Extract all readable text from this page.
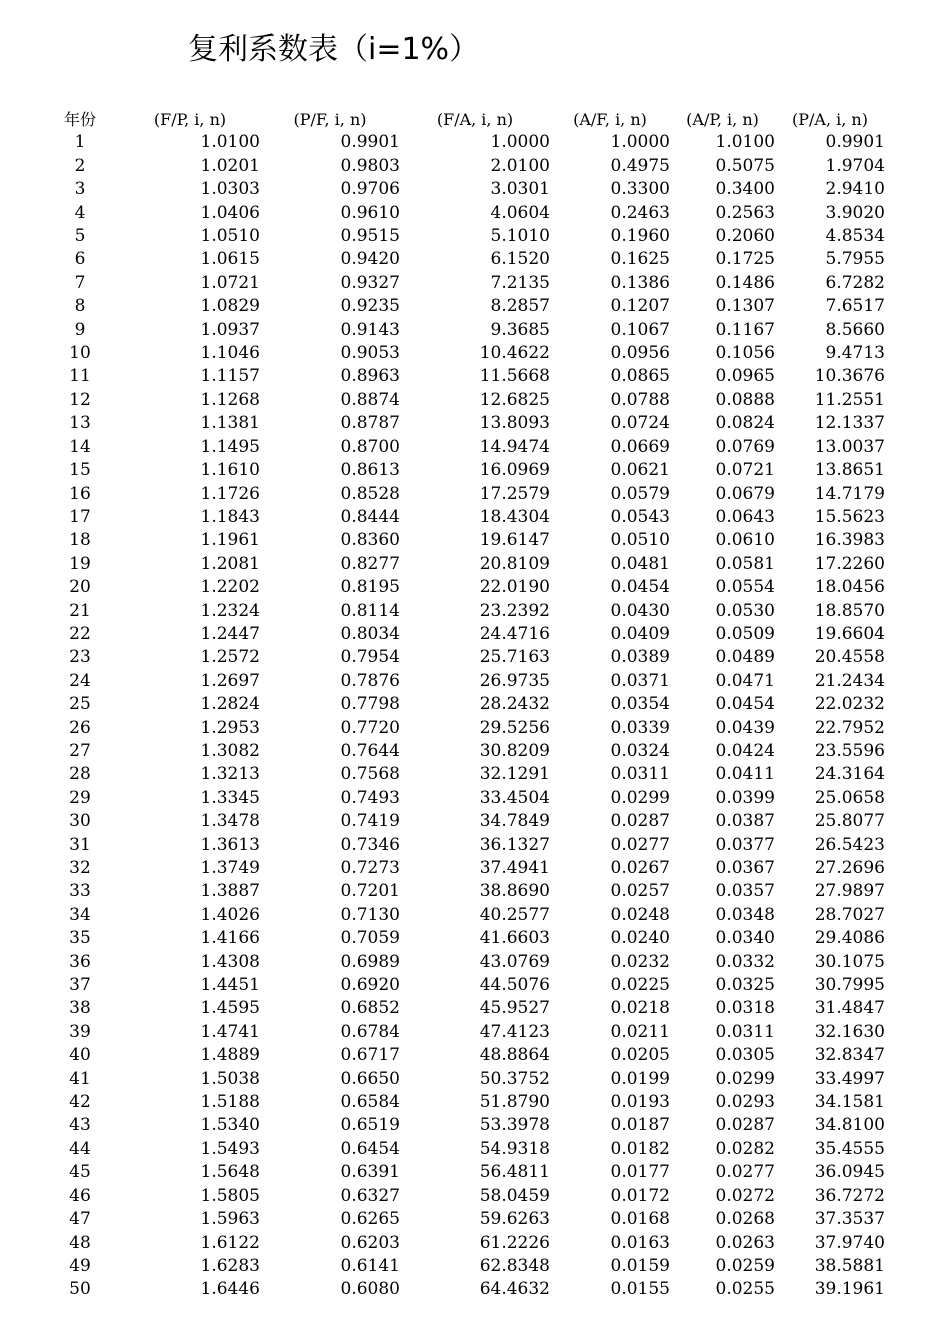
复利系数表（i=1%）
年份	(F/P, i, n)	(P/F, i, n)	(F/A, i, n)	(A/F, i, n)	(A/P, i, n)	(P/A, i, n)
1	1.0100	0.9901	1.0000	1.0000	1.0100	0.9901
2	1.0201	0.9803	2.0100	0.4975	0.5075	1.9704
3	1.0303	0.9706	3.0301	0.3300	0.3400	2.9410
4	1.0406	0.9610	4.0604	0.2463	0.2563	3.9020
5	1.0510	0.9515	5.1010	0.1960	0.2060	4.8534
6	1.0615	0.9420	6.1520	0.1625	0.1725	5.7955
7	1.0721	0.9327	7.2135	0.1386	0.1486	6.7282
8	1.0829	0.9235	8.2857	0.1207	0.1307	7.6517
9	1.0937	0.9143	9.3685	0.1067	0.1167	8.5660
10	1.1046	0.9053	10.4622	0.0956	0.1056	9.4713
11	1.1157	0.8963	11.5668	0.0865	0.0965	10.3676
12	1.1268	0.8874	12.6825	0.0788	0.0888	11.2551
13	1.1381	0.8787	13.8093	0.0724	0.0824	12.1337
14	1.1495	0.8700	14.9474	0.0669	0.0769	13.0037
15	1.1610	0.8613	16.0969	0.0621	0.0721	13.8651
16	1.1726	0.8528	17.2579	0.0579	0.0679	14.7179
17	1.1843	0.8444	18.4304	0.0543	0.0643	15.5623
18	1.1961	0.8360	19.6147	0.0510	0.0610	16.3983
19	1.2081	0.8277	20.8109	0.0481	0.0581	17.2260
20	1.2202	0.8195	22.0190	0.0454	0.0554	18.0456
21	1.2324	0.8114	23.2392	0.0430	0.0530	18.8570
22	1.2447	0.8034	24.4716	0.0409	0.0509	19.6604
23	1.2572	0.7954	25.7163	0.0389	0.0489	20.4558
24	1.2697	0.7876	26.9735	0.0371	0.0471	21.2434
25	1.2824	0.7798	28.2432	0.0354	0.0454	22.0232
26	1.2953	0.7720	29.5256	0.0339	0.0439	22.7952
27	1.3082	0.7644	30.8209	0.0324	0.0424	23.5596
28	1.3213	0.7568	32.1291	0.0311	0.0411	24.3164
29	1.3345	0.7493	33.4504	0.0299	0.0399	25.0658
30	1.3478	0.7419	34.7849	0.0287	0.0387	25.8077
31	1.3613	0.7346	36.1327	0.0277	0.0377	26.5423
32	1.3749	0.7273	37.4941	0.0267	0.0367	27.2696
33	1.3887	0.7201	38.8690	0.0257	0.0357	27.9897
34	1.4026	0.7130	40.2577	0.0248	0.0348	28.7027
35	1.4166	0.7059	41.6603	0.0240	0.0340	29.4086
36	1.4308	0.6989	43.0769	0.0232	0.0332	30.1075
37	1.4451	0.6920	44.5076	0.0225	0.0325	30.7995
38	1.4595	0.6852	45.9527	0.0218	0.0318	31.4847
39	1.4741	0.6784	47.4123	0.0211	0.0311	32.1630
40	1.4889	0.6717	48.8864	0.0205	0.0305	32.8347
41	1.5038	0.6650	50.3752	0.0199	0.0299	33.4997
42	1.5188	0.6584	51.8790	0.0193	0.0293	34.1581
43	1.5340	0.6519	53.3978	0.0187	0.0287	34.8100
44	1.5493	0.6454	54.9318	0.0182	0.0282	35.4555
45	1.5648	0.6391	56.4811	0.0177	0.0277	36.0945
46	1.5805	0.6327	58.0459	0.0172	0.0272	36.7272
47	1.5963	0.6265	59.6263	0.0168	0.0268	37.3537
48	1.6122	0.6203	61.2226	0.0163	0.0263	37.9740
49	1.6283	0.6141	62.8348	0.0159	0.0259	38.5881
50	1.6446	0.6080	64.4632	0.0155	0.0255	39.1961
